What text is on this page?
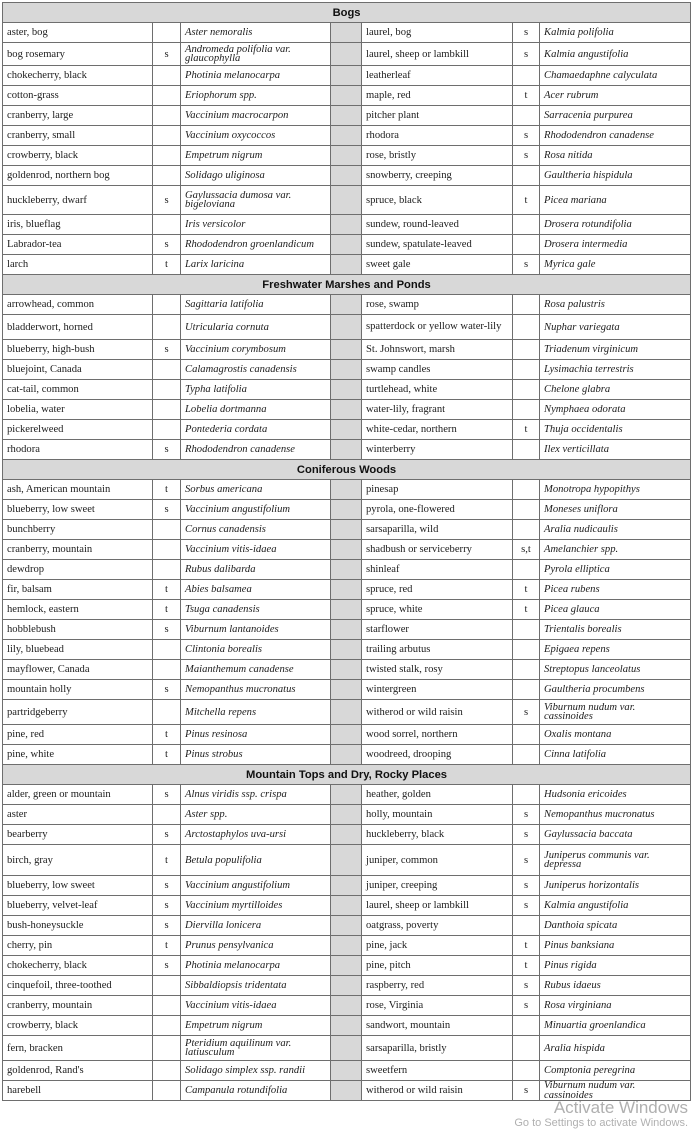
Bogs						
aster, bog		Aster nemoralis		laurel, bog	s	Kalmia polifolia
bog rosemary	s	Andromeda polifolia var. glaucophylla		laurel, sheep or lambkill	s	Kalmia angustifolia
chokecherry, black		Photinia melanocarpa		leatherleaf		Chamaedaphne calyculata
cotton-grass		Eriophorum spp.		maple, red	t	Acer rubrum
cranberry, large		Vaccinium macrocarpon		pitcher plant		Sarracenia purpurea
cranberry, small		Vaccinium oxycoccos		rhodora	s	Rhododendron canadense
crowberry, black		Empetrum nigrum		rose, bristly	s	Rosa nitida
goldenrod, northern bog		Solidago uliginosa		snowberry, creeping		Gaultheria hispidula
huckleberry, dwarf	s	Gaylussacia dumosa var. bigeloviana		spruce, black	t	Picea mariana
iris, blueflag		Iris versicolor		sundew, round-leaved		Drosera rotundifolia
Labrador-tea	s	Rhododendron groenlandicum		sundew, spatulate-leaved		Drosera intermedia
larch	t	Larix laricina		sweet gale	s	Myrica gale
Freshwater Marshes and Ponds						
arrowhead, common		Sagittaria latifolia		rose, swamp		Rosa palustris
bladderwort, horned		Utricularia cornuta		spatterdock or yellow water-lily		Nuphar variegata
blueberry, high-bush	s	Vaccinium corymbosum		St. Johnswort, marsh		Triadenum virginicum
bluejoint, Canada		Calamagrostis canadensis		swamp candles		Lysimachia terrestris
cat-tail, common		Typha latifolia		turtlehead, white		Chelone glabra
lobelia, water		Lobelia dortmanna		water-lily, fragrant		Nymphaea odorata
pickerelweed		Pontederia cordata		white-cedar, northern	t	Thuja occidentalis
rhodora	s	Rhododendron canadense		winterberry		Ilex verticillata
Coniferous Woods						
ash, American mountain	t	Sorbus americana		pinesap		Monotropa hypopithys
blueberry, low sweet	s	Vaccinium angustifolium		pyrola, one-flowered		Moneses uniflora
bunchberry		Cornus canadensis		sarsaparilla, wild		Aralia nudicaulis
cranberry, mountain		Vaccinium vitis-idaea		shadbush or serviceberry	s,t	Amelanchier spp.
dewdrop		Rubus dalibarda		shinleaf		Pyrola elliptica
fir, balsam	t	Abies balsamea		spruce, red	t	Picea rubens
hemlock, eastern	t	Tsuga canadensis		spruce, white	t	Picea glauca
hobblebush	s	Viburnum lantanoides		starflower		Trientalis borealis
lily, bluebead		Clintonia borealis		trailing arbutus		Epigaea repens
mayflower, Canada		Maianthemum canadense		twisted stalk, rosy		Streptopus lanceolatus
mountain holly	s	Nemopanthus mucronatus		wintergreen		Gaultheria procumbens
partridgeberry		Mitchella repens		witherod or wild raisin	s	Viburnum nudum var. cassinoides
pine, red	t	Pinus resinosa		wood sorrel, northern		Oxalis montana
pine, white	t	Pinus strobus		woodreed, drooping		Cinna latifolia
Mountain Tops and Dry, Rocky Places						
alder, green or mountain	s	Alnus viridis ssp. crispa		heather, golden		Hudsonia ericoides
aster		Aster spp.		holly, mountain	s	Nemopanthus mucronatus
bearberry	s	Arctostaphylos uva-ursi		huckleberry, black	s	Gaylussacia baccata
birch, gray	t	Betula populifolia		juniper, common	s	Juniperus communis var. depressa
blueberry, low sweet	s	Vaccinium angustifolium		juniper, creeping	s	Juniperus horizontalis
blueberry, velvet-leaf	s	Vaccinium myrtilloides		laurel, sheep or lambkill	s	Kalmia angustifolia
bush-honeysuckle	s	Diervilla lonicera		oatgrass, poverty		Danthoia spicata
cherry, pin	t	Prunus pensylvanica		pine, jack	t	Pinus banksiana
chokecherry, black	s	Photinia melanocarpa		pine, pitch	t	Pinus rigida
cinquefoil, three-toothed		Sibbaldiopsis tridentata		raspberry, red	s	Rubus idaeus
cranberry, mountain		Vaccinium vitis-idaea		rose, Virginia	s	Rosa virginiana
crowberry, black		Empetrum nigrum		sandwort, mountain		Minuartia groenlandica
fern, bracken		Pteridium aquilinum var. latiusculum		sarsaparilla, bristly		Aralia hispida
goldenrod, Rand's		Solidago simplex ssp. randii		sweetfern		Comptonia peregrina
harebell		Campanula rotundifolia		witherod or wild raisin	s	Viburnum nudum var. cassinoides
Activate Windows
Go to Settings to activate Windows.
